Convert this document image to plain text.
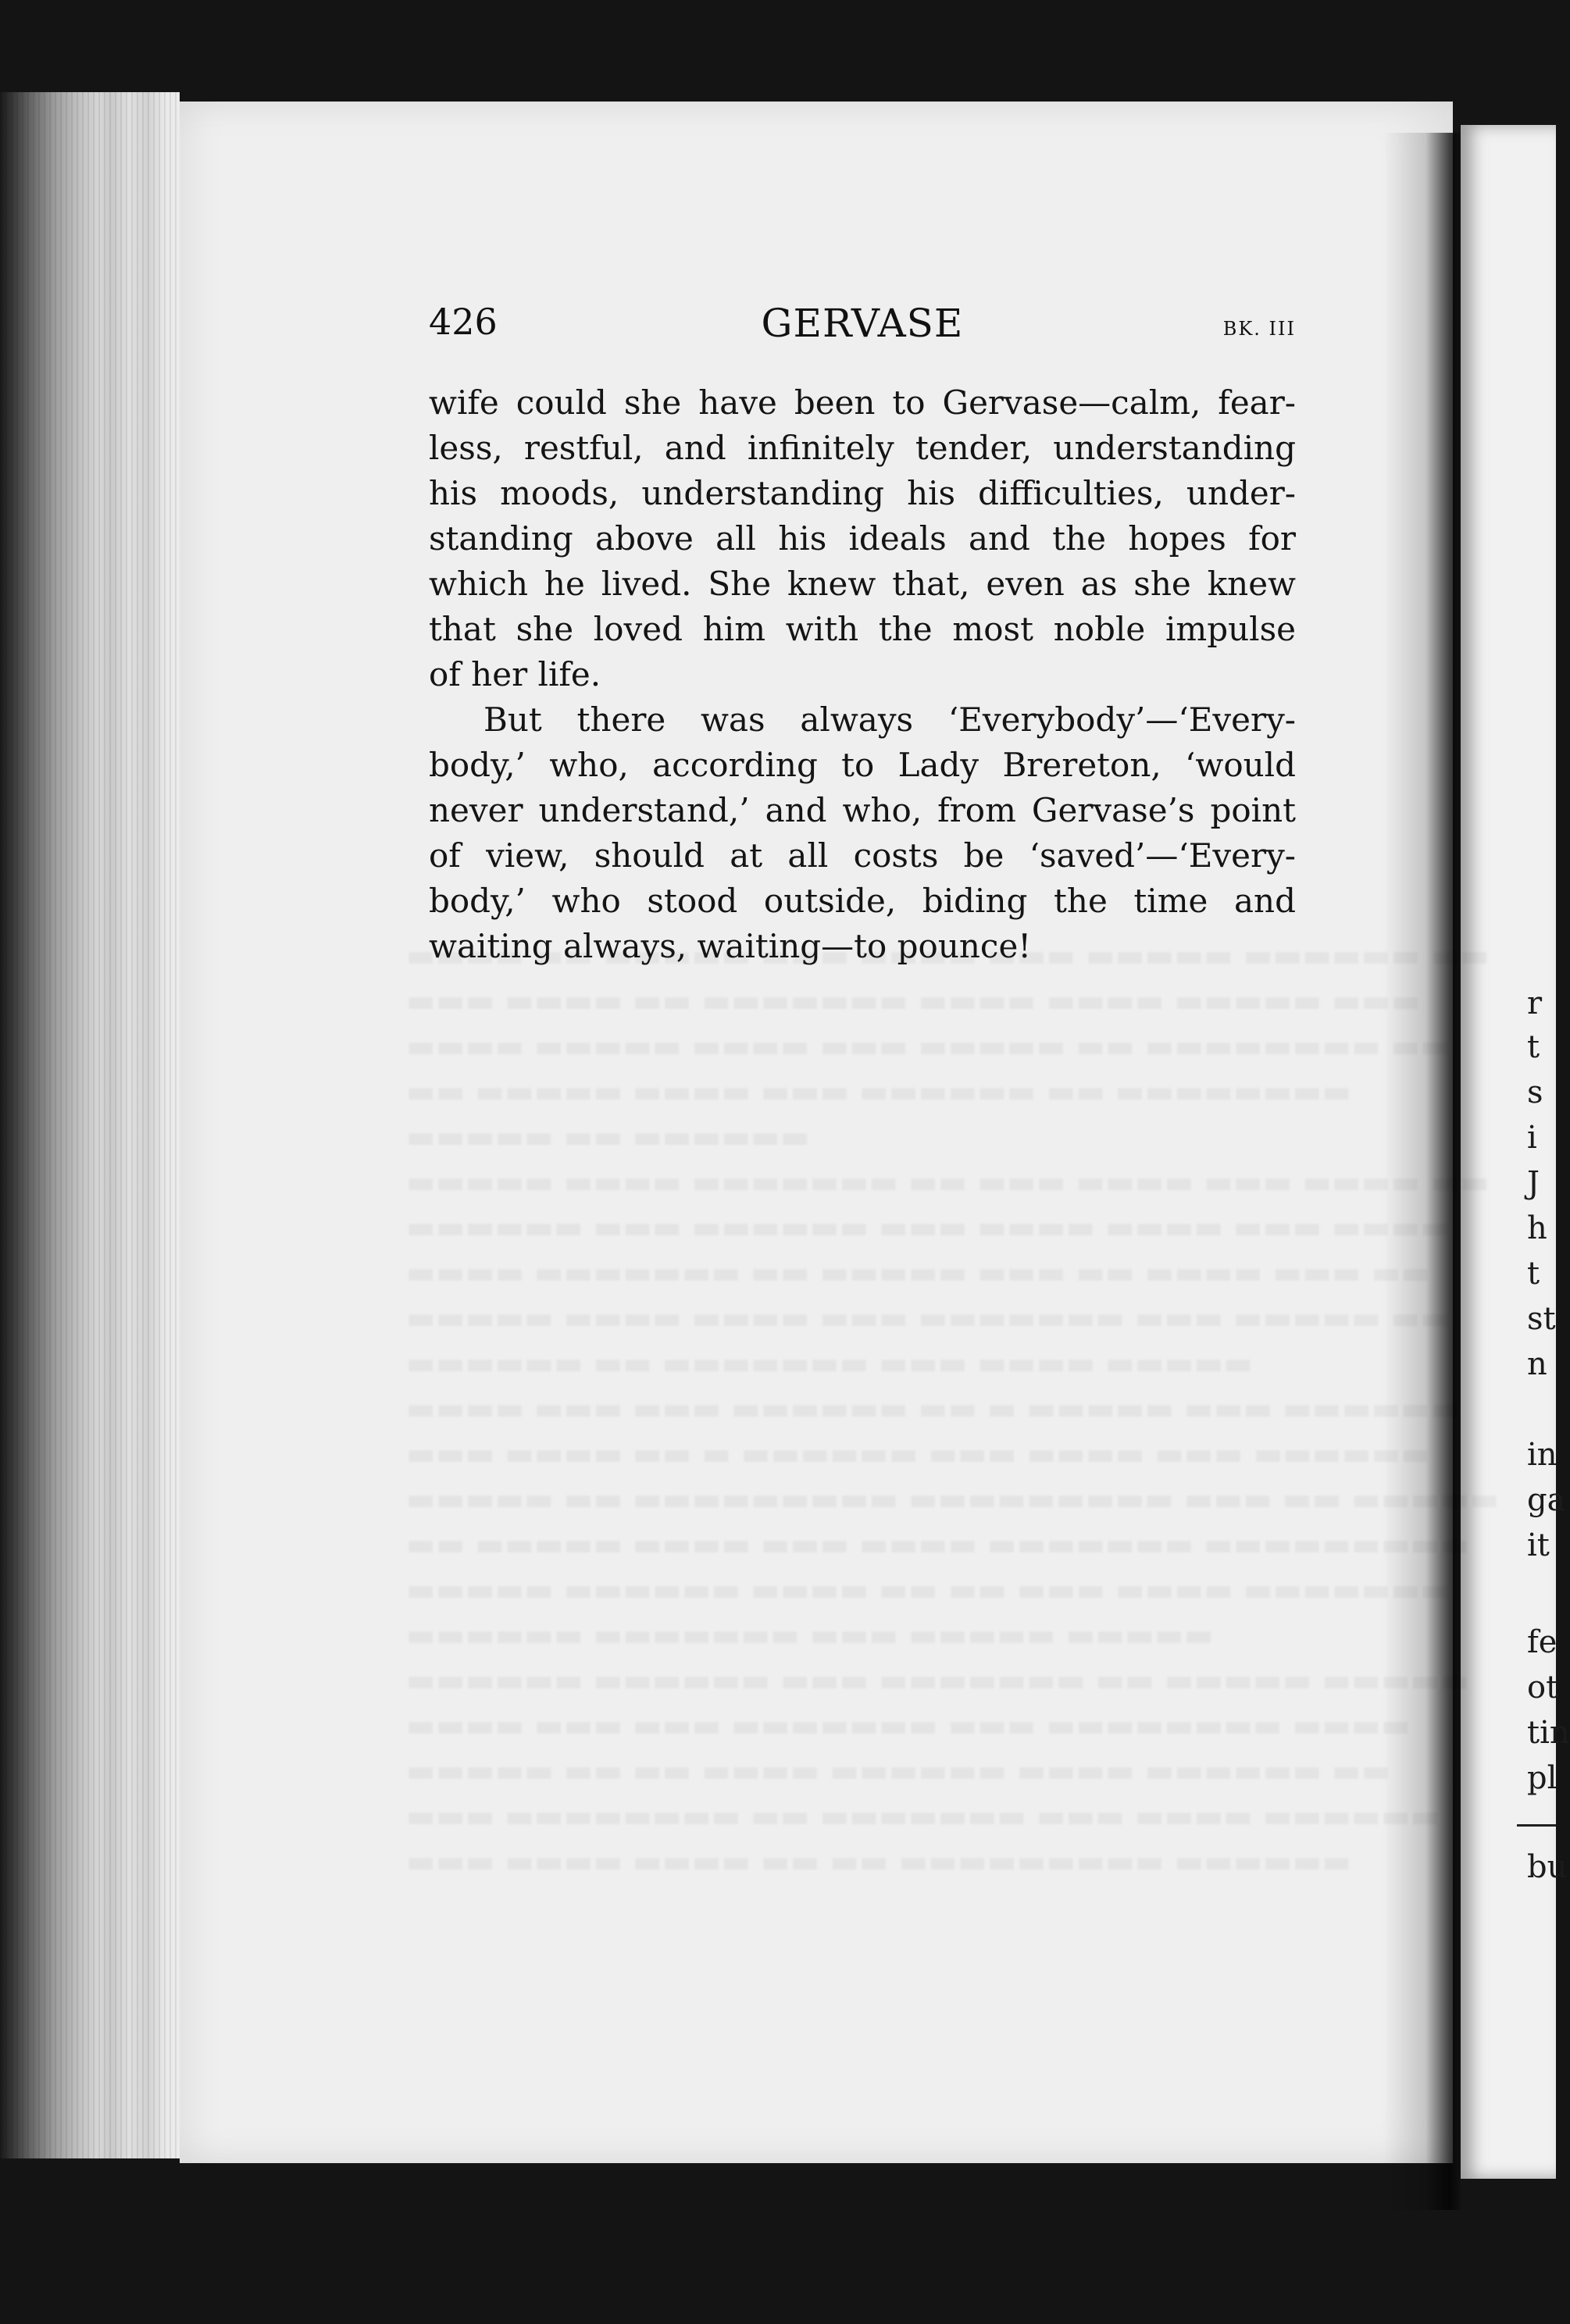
r
t
s
i
J
h
t
st
n
in
ga
it
fe
ot
tin
pl
bu
426	GERVASE	BK. III
wife could she have been to Gervase—calm, fear-
less, restful, and infinitely tender, understanding
his moods, understanding his difficulties, under-
standing above all his ideals and the hopes for
which he lived. She knew that, even as she knew
that she loved him with the most noble impulse
of her life.
But there was always ‘Everybody’—‘Every-
body,’ who, according to Lady Brereton, ‘would
never understand,’ and who, from Gervase’s point
of view, should at all costs be ‘saved’—‘Every-
body,’ who stood outside, biding the time and
waiting always, waiting—to pounce!
